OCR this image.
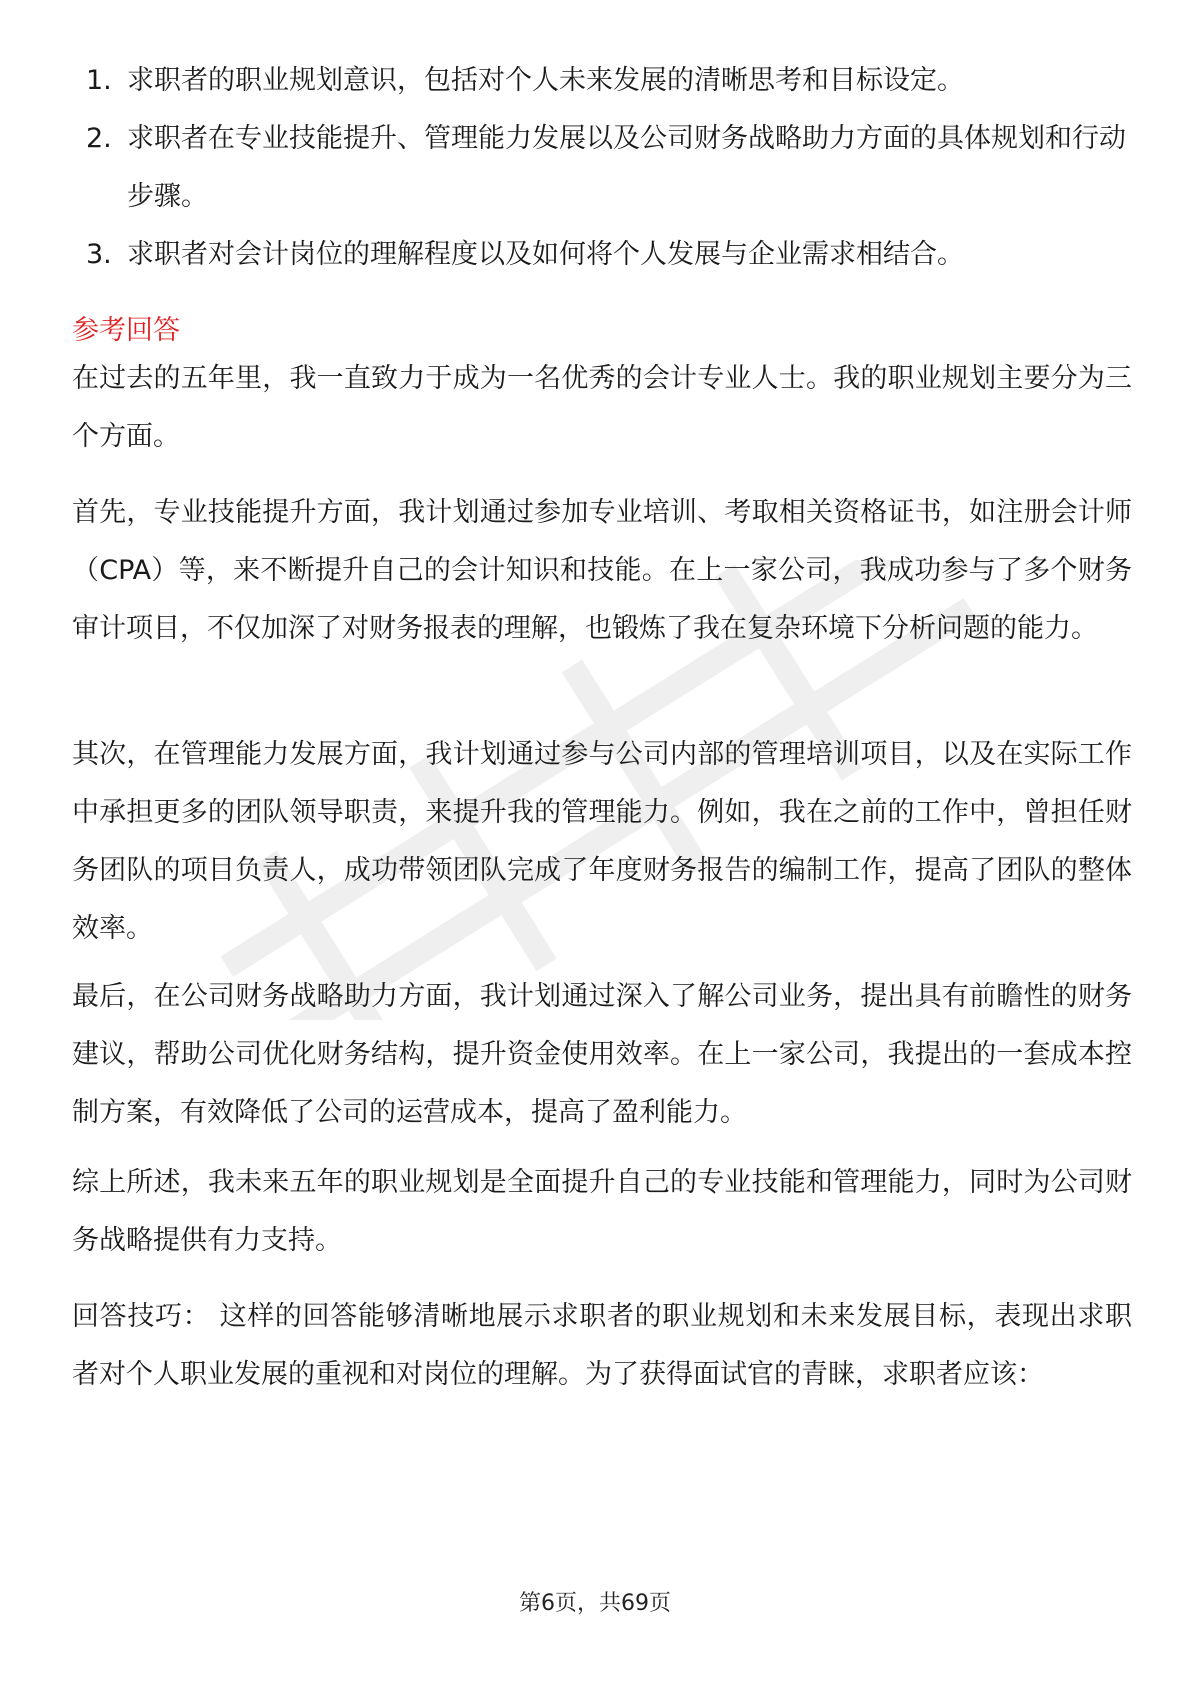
1. 求职者的职业规划意识，包括对个人未来发展的清晰思考和目标设定。
2. 求职者在专业技能提升、管理能力发展以及公司财务战略助力方面的具体规划和行动步骤。
3. 求职者对会计岗位的理解程度以及如何将个人发展与企业需求相结合。

参考回答

在过去的五年里，我一直致力于成为一名优秀的会计专业人士。我的职业规划主要分为三个方面。

首先，专业技能提升方面，我计划通过参加专业培训、考取相关资格证书，如注册会计师（CPA）等，来不断提升自己的会计知识和技能。在上一家公司，我成功参与了多个财务审计项目，不仅加深了对财务报表的理解，也锻炼了我在复杂环境下分析问题的能力。

其次，在管理能力发展方面，我计划通过参与公司内部的管理培训项目，以及在实际工作中承担更多的团队领导职责，来提升我的管理能力。例如，我在之前的工作中，曾担任财务团队的项目负责人，成功带领团队完成了年度财务报告的编制工作，提高了团队的整体效率。

最后，在公司财务战略助力方面，我计划通过深入了解公司业务，提出具有前瞻性的财务建议，帮助公司优化财务结构，提升资金使用效率。在上一家公司，我提出的一套成本控制方案，有效降低了公司的运营成本，提高了盈利能力。

综上所述，我未来五年的职业规划是全面提升自己的专业技能和管理能力，同时为公司财务战略提供有力支持。

回答技巧： 这样的回答能够清晰地展示求职者的职业规划和未来发展目标，表现出求职者对个人职业发展的重视和对岗位的理解。为了获得面试官的青睐，求职者应该：

第6页，共69页
